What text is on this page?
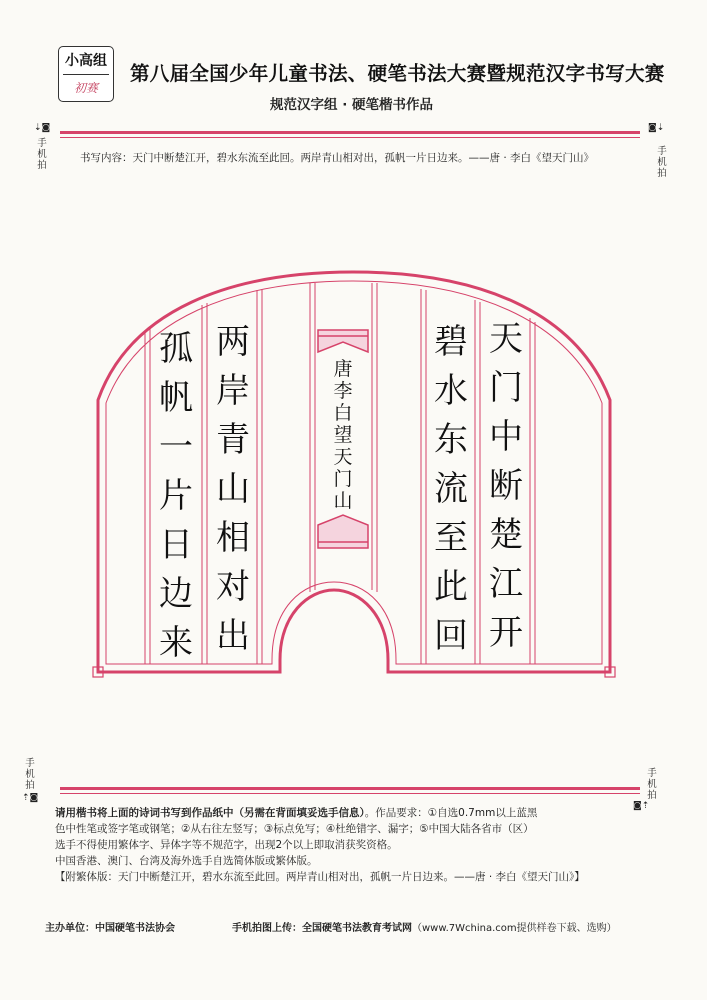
小高组
初赛
第八届全国少年儿童书法、硬笔书法大赛暨规范汉字书写大赛
规范汉字组 · 硬笔楷书作品
⇣◙
手机拍
◙⇣
手机拍
书写内容：天门中断楚江开，碧水东流至此回。两岸青山相对出，孤帆一片日边来。——唐 · 李白《望天门山》
天门中断楚江开
碧水东流至此回
两岸青山相对出
孤帆一片日边来
唐李白望天门山
手机拍
⇡◙
手机拍
◙⇡

请用楷书将上面的诗词书写到作品纸中（另需在背面填妥选手信息）。作品要求：①自选0.7mm以上蓝黑

色中性笔或签字笔或钢笔；②从右往左竖写；③标点免写；④杜绝错字、漏字；⑤中国大陆各省市（区）

选手不得使用繁体字、异体字等不规范字，出现2个以上即取消获奖资格。

中国香港、澳门、台湾及海外选手自选简体版或繁体版。

【附繁体版：天门中断楚江开，碧水东流至此回。两岸青山相对出，孤帆一片日边来。——唐 · 李白《望天门山》】

主办单位：中国硬笔书法协会	手机拍图上传：全国硬笔书法教育考试网（www.7Wchina.com提供样卷下载、选购）
